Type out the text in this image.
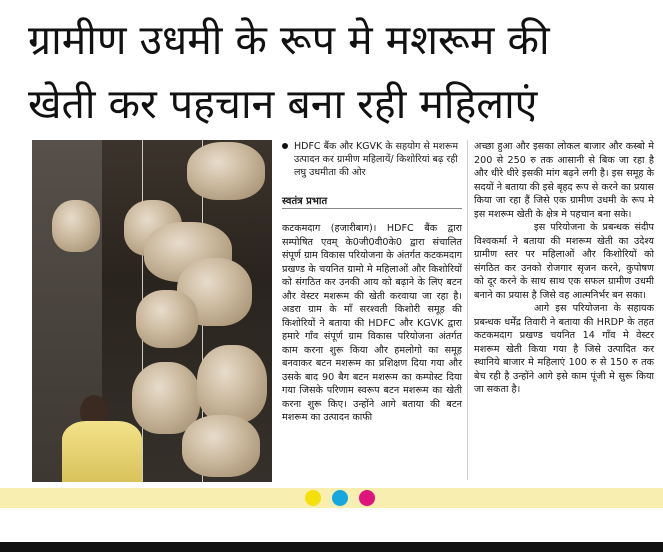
ग्रामीण उधमी के रूप मे मशरूम की
खेती कर पहचान बना रही महिलाएं
HDFC बैंक और KGVK के सहयोग से मशरूम उत्पादन कर ग्रामीण महिलायें/ किशोरियां बढ़ रही लघु उधमीता की ओर
स्वतंत्र प्रभात

कटकमदाग (हजारीबाग)। HDFC बैंक द्वारा सम्पोषित एवम् के0जी0वी0के0 द्वारा संचालित संपूर्ण ग्राम विकास परियोजना के अंतर्गत कटकमदाग प्रखण्ड के चयनित ग्रामो मे महिलाओं और किशोरियों को संगठित कर उनकी आय को बढ़ाने के लिए बटन और वेस्टर मशरूम की खेती करवाया जा रहा है। अडरा ग्राम के माँ सरश्वती किशोरी समूह की किशोरियों ने बताया की HDFC और KGVK द्वारा हमारे गाँव संपूर्ण ग्राम विकास परियोजना अंतर्गत काम करना शुरू किया और हमलोगो का समूह बनवाकर बटन मशरूम का प्रशिक्षण दिया गया और उसके बाद 90 बैग बटन मशरूम का कम्पोस्ट दिया गया जिसके परिणाम स्वरूप बटन मशरूम का खेती करना शुरू किए। उन्होंने आगे बताया की बटन मशरूम का उत्पादन काफी

अच्छा हुआ और इसका लोकल बाजार और कस्बो मे 200 से 250 रु तक आसानी से बिक जा रहा है और धीरे धीरे इसकी मांग बढ़ने लगी है। इस समूह के सदयों ने बताया की इसे बृहद रूप से करने का प्रयास किया जा रहा हैं जिसे एक ग्रामीण उधमी के रूप मे इस मशरूम खेती के क्षेत्र मे पहचान बना सके।

इस परियोजना के प्रबन्धक संदीप विश्वकर्मा ने बताया की मशरूम खेती का उदेश्य ग्रामीण स्तर पर महिलाओं और किशोरियों को संगठित कर उनको रोजगार सृजन करने, कुपोषण को दूर करने के साथ साथ एक सफल ग्रामीण उधमी बनाने का प्रयास है जिसे वह आत्मनिर्भर बन सका।

आगे इस परियोजना के सहायक प्रबन्धक धर्मेंद्र तिवारी ने बताया की HRDP के तहत कटकमदाग प्रखण्ड चयनित 14 गाँव मे वेस्टर मशरूम खेती किया गया है जिसे उत्पादित कर स्थानिये बाजार मे महिलाएं 100 रु से 150 रु तक बेच रही है उन्होंने आगे इसे काम पूंजी मे सुरू किया जा सकता है।
